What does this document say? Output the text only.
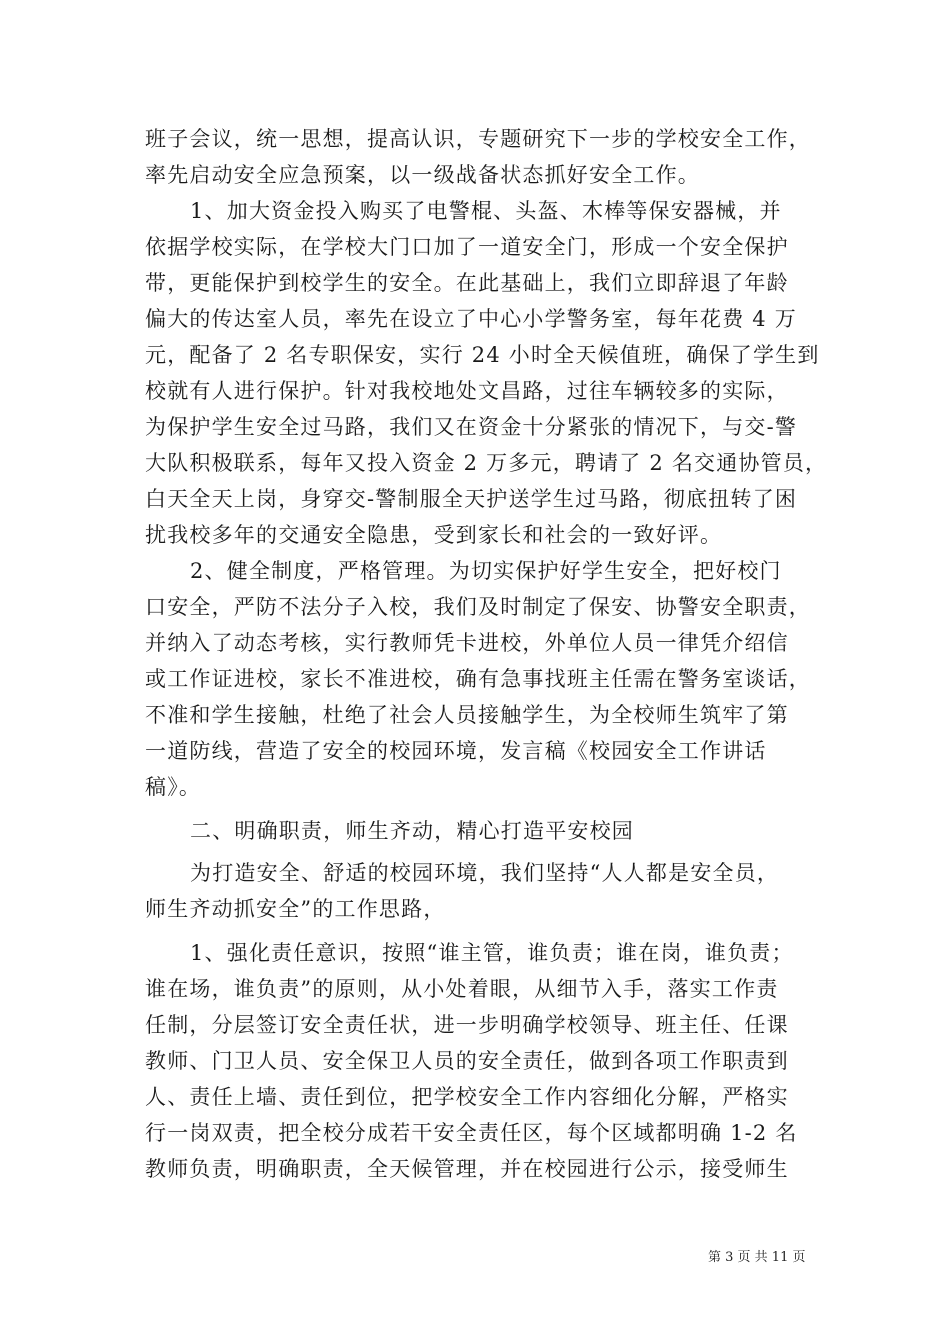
班子会议，统一思想，提高认识，专题研究下一步的学校安全工作，
率先启动安全应急预案，以一级战备状态抓好安全工作。
1、加大资金投入购买了电警棍、头盔、木棒等保安器械，并
依据学校实际，在学校大门口加了一道安全门，形成一个安全保护
带，更能保护到校学生的安全。在此基础上，我们立即辞退了年龄
偏大的传达室人员，率先在设立了中心小学警务室，每年花费 4 万
元，配备了 2 名专职保安，实行 24 小时全天候值班，确保了学生到
校就有人进行保护。针对我校地处文昌路，过往车辆较多的实际，
为保护学生安全过马路，我们又在资金十分紧张的情况下，与交-警
大队积极联系，每年又投入资金 2 万多元，聘请了 2 名交通协管员，
白天全天上岗，身穿交-警制服全天护送学生过马路，彻底扭转了困
扰我校多年的交通安全隐患，受到家长和社会的一致好评。
2、健全制度，严格管理。为切实保护好学生安全，把好校门
口安全，严防不法分子入校，我们及时制定了保安、协警安全职责，
并纳入了动态考核，实行教师凭卡进校，外单位人员一律凭介绍信
或工作证进校，家长不准进校，确有急事找班主任需在警务室谈话，
不准和学生接触，杜绝了社会人员接触学生，为全校师生筑牢了第
一道防线，营造了安全的校园环境，发言稿《校园安全工作讲话
稿》。
二、明确职责，师生齐动，精心打造平安校园
为打造安全、舒适的校园环境，我们坚持“人人都是安全员，
师生齐动抓安全”的工作思路，
1、强化责任意识，按照“谁主管，谁负责；谁在岗，谁负责；
谁在场，谁负责”的原则，从小处着眼，从细节入手，落实工作责
任制，分层签订安全责任状，进一步明确学校领导、班主任、任课
教师、门卫人员、安全保卫人员的安全责任，做到各项工作职责到
人、责任上墙、责任到位，把学校安全工作内容细化分解，严格实
行一岗双责，把全校分成若干安全责任区，每个区域都明确 1-2 名
教师负责，明确职责，全天候管理，并在校园进行公示，接受师生
第 3 页 共 11 页
